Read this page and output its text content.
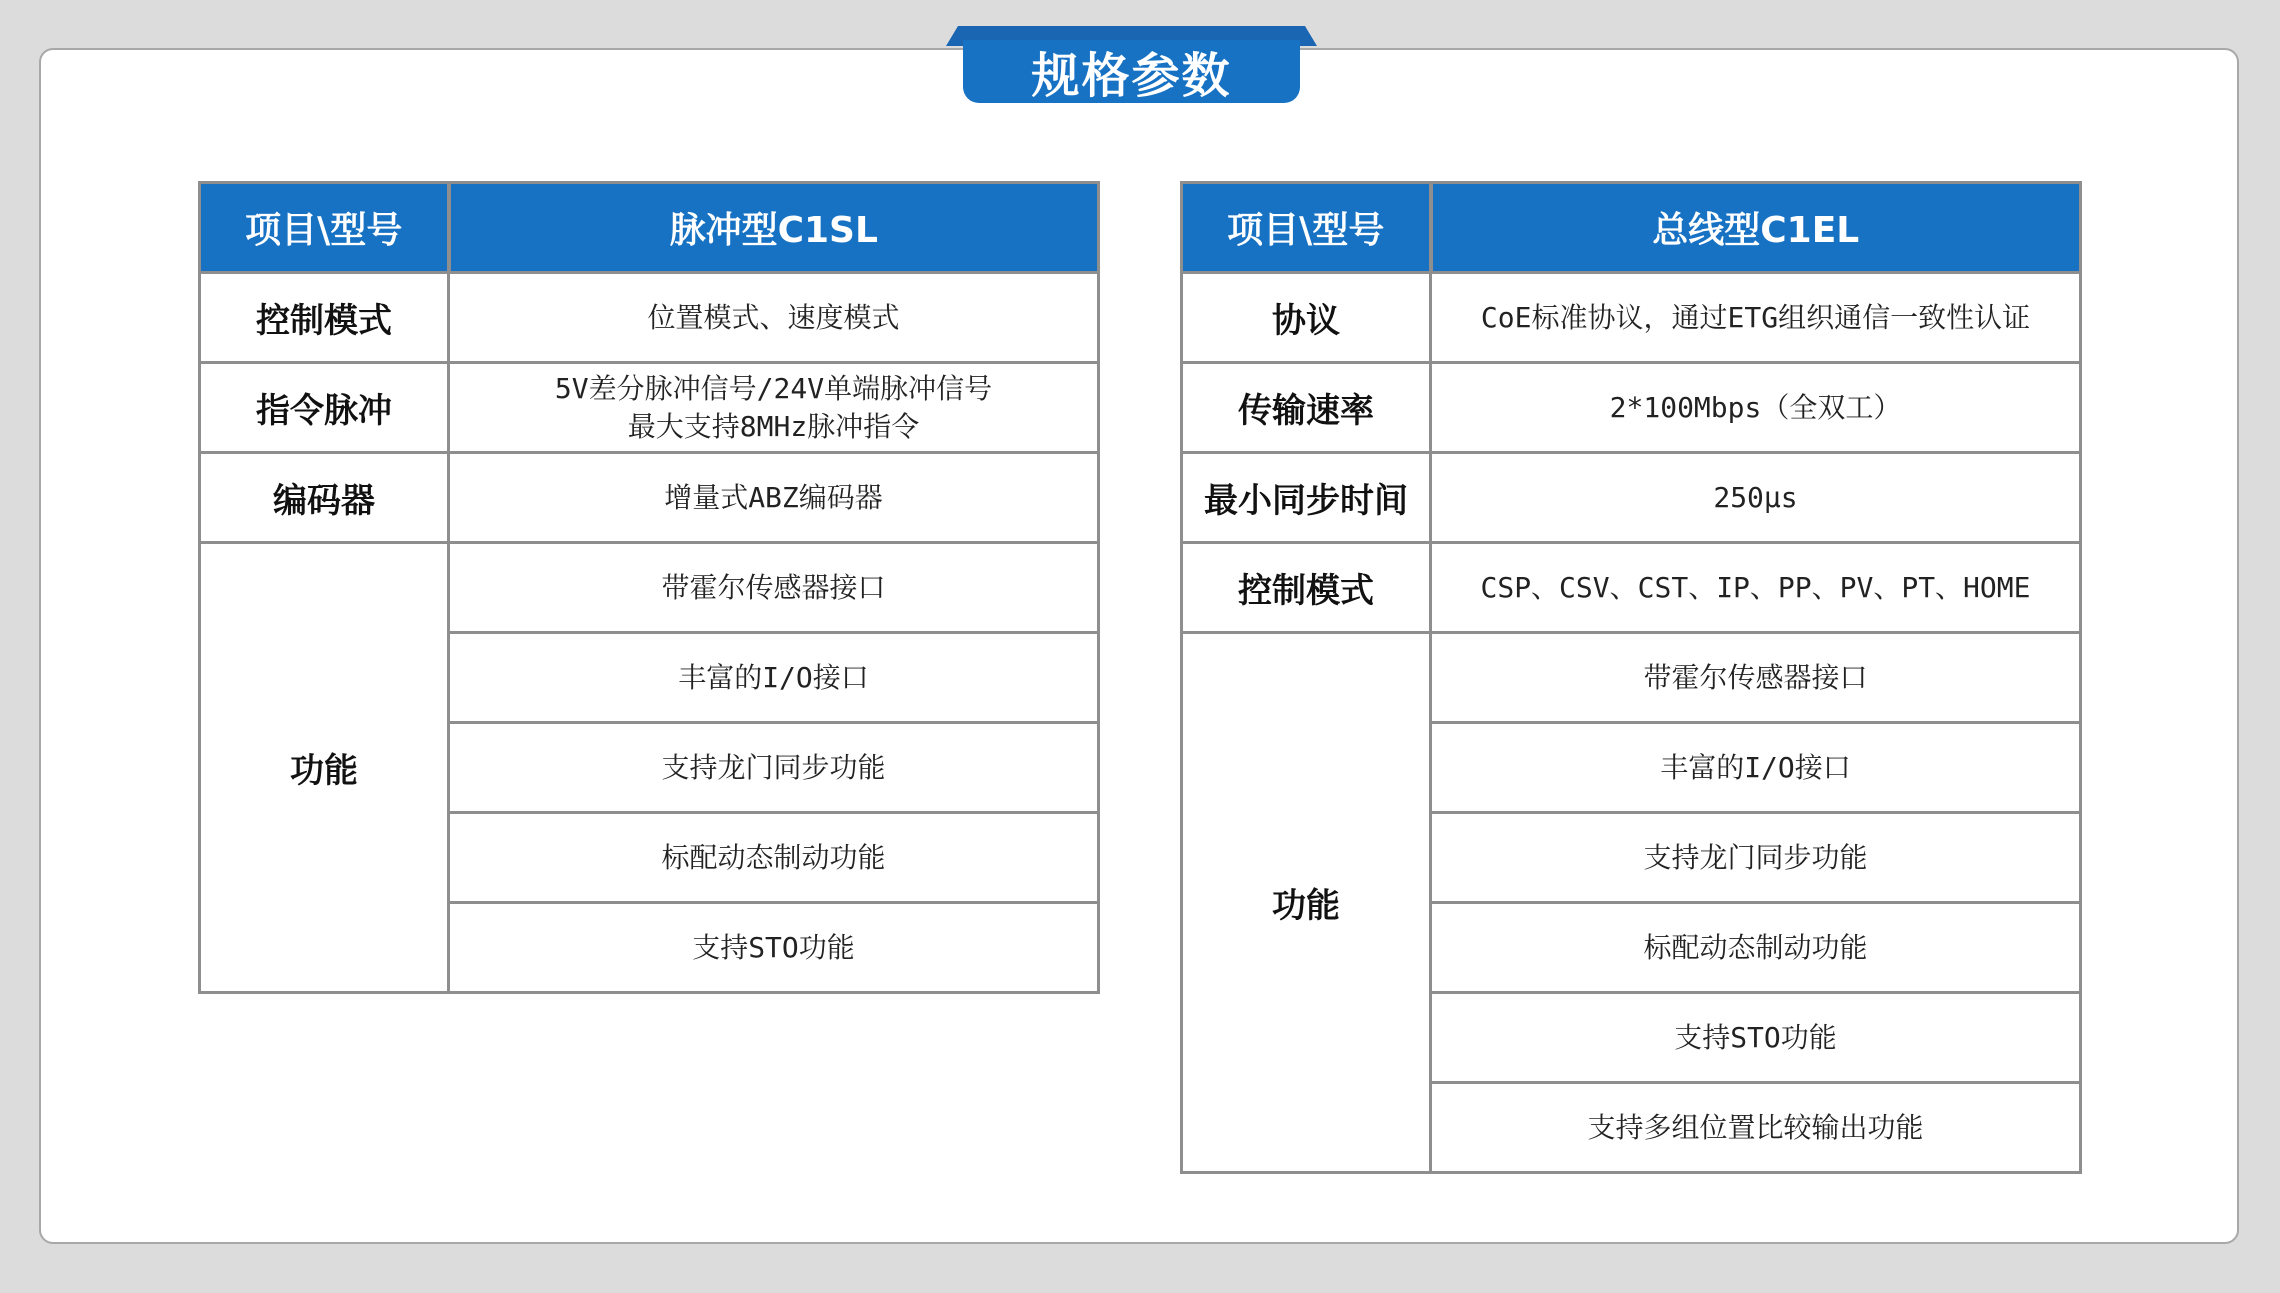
规格参数
项目\型号	脉冲型C1SL
控制模式	位置模式、速度模式
指令脉冲	5V差分脉冲信号/24V单端脉冲信号
最大支持8MHz脉冲指令

编码器	增量式ABZ编码器
功能	带霍尔传感器接口
	丰富的I/O接口
	支持龙门同步功能
	标配动态制动功能
	支持STO功能
项目\型号	总线型C1EL
协议	CoE标准协议，通过ETG组织通信一致性认证
传输速率	2*100Mbps（全双工）
最小同步时间	250μs
控制模式	CSP、CSV、CST、IP、PP、PV、PT、HOME
功能	带霍尔传感器接口
	丰富的I/O接口
	支持龙门同步功能
	标配动态制动功能
	支持STO功能
	支持多组位置比较输出功能
